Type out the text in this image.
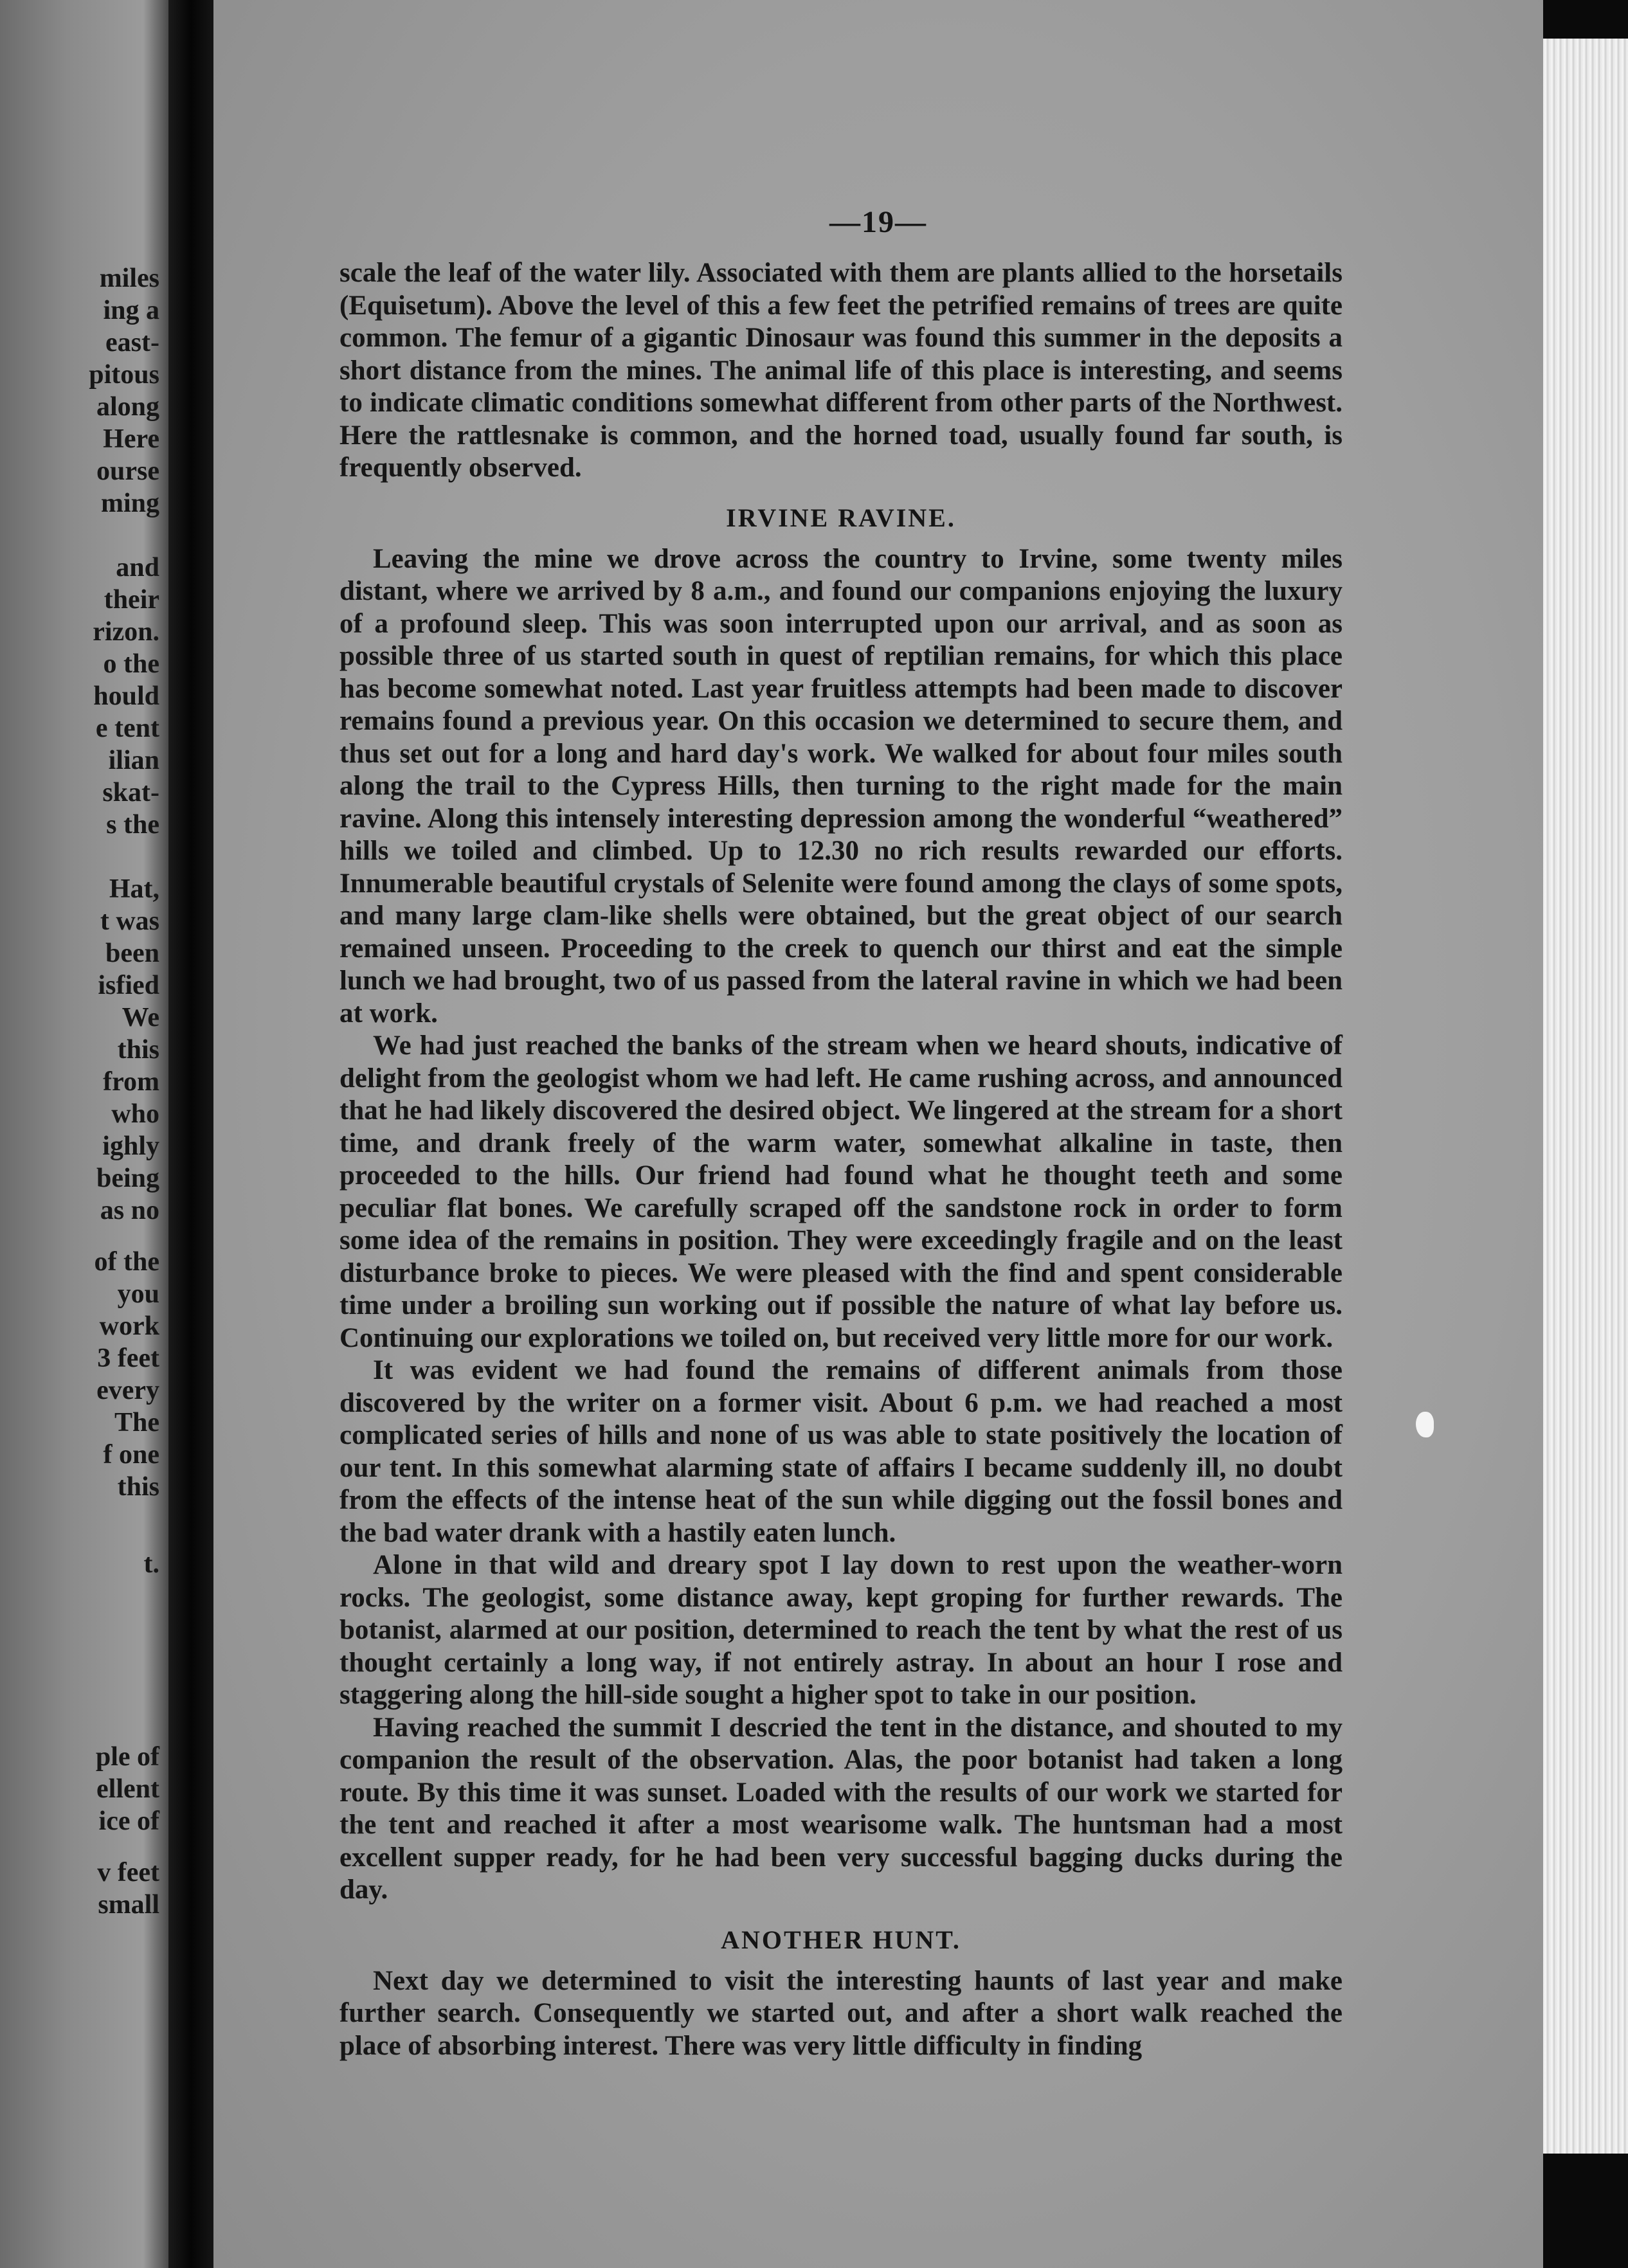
miles
ing a
east-
pitous
along
Here
ourse
ming
and
their
rizon.
o the
hould
e tent
ilian
skat-
s the
Hat,
t was
been
isfied
We
this
from
who
ighly
being
as no
of the
you
work
3 feet
every
The
f one
this
t.
ple of
ellent
ice of
v feet
small
—19—

scale the leaf of the water lily. Associated with them are plants allied to the horsetails (Equisetum). Above the level of this a few feet the petrified remains of trees are quite common. The femur of a gigantic Dinosaur was found this summer in the deposits a short distance from the mines. The animal life of this place is interesting, and seems to indicate climatic conditions somewhat different from other parts of the Northwest. Here the rattlesnake is common, and the horned toad, usually found far south, is frequently observed.

IRVINE RAVINE.

Leaving the mine we drove across the country to Irvine, some twenty miles distant, where we arrived by 8 a.m., and found our companions enjoying the luxury of a profound sleep. This was soon interrupted upon our arrival, and as soon as possible three of us started south in quest of reptilian remains, for which this place has become somewhat noted. Last year fruitless attempts had been made to discover remains found a previous year. On this occasion we determined to secure them, and thus set out for a long and hard day's work. We walked for about four miles south along the trail to the Cypress Hills, then turning to the right made for the main ravine. Along this intensely interesting depression among the wonderful “weathered” hills we toiled and climbed. Up to 12.30 no rich results rewarded our efforts. Innumerable beautiful crystals of Selenite were found among the clays of some spots, and many large clam-like shells were obtained, but the great object of our search remained unseen. Proceeding to the creek to quench our thirst and eat the simple lunch we had brought, two of us passed from the lateral ravine in which we had been at work.

We had just reached the banks of the stream when we heard shouts, indicative of delight from the geologist whom we had left. He came rushing across, and announced that he had likely discovered the desired object. We lingered at the stream for a short time, and drank freely of the warm water, somewhat alkaline in taste, then proceeded to the hills. Our friend had found what he thought teeth and some peculiar flat bones. We carefully scraped off the sandstone rock in order to form some idea of the remains in position. They were exceedingly fragile and on the least disturbance broke to pieces. We were pleased with the find and spent considerable time under a broiling sun working out if possible the nature of what lay before us. Continuing our explorations we toiled on, but received very little more for our work.

It was evident we had found the remains of different animals from those discovered by the writer on a former visit. About 6 p.m. we had reached a most complicated series of hills and none of us was able to state positively the location of our tent. In this somewhat alarming state of affairs I became suddenly ill, no doubt from the effects of the intense heat of the sun while digging out the fossil bones and the bad water drank with a hastily eaten lunch.

Alone in that wild and dreary spot I lay down to rest upon the weather-worn rocks. The geologist, some distance away, kept groping for further rewards. The botanist, alarmed at our position, determined to reach the tent by what the rest of us thought certainly a long way, if not entirely astray. In about an hour I rose and staggering along the hill-side sought a higher spot to take in our position.

Having reached the summit I descried the tent in the distance, and shouted to my companion the result of the observation. Alas, the poor botanist had taken a long route. By this time it was sunset. Loaded with the results of our work we started for the tent and reached it after a most wearisome walk. The huntsman had a most excellent supper ready, for he had been very successful bagging ducks during the day.

ANOTHER HUNT.

Next day we determined to visit the interesting haunts of last year and make further search. Consequently we started out, and after a short walk reached the place of absorbing interest. There was very little difficulty in finding
